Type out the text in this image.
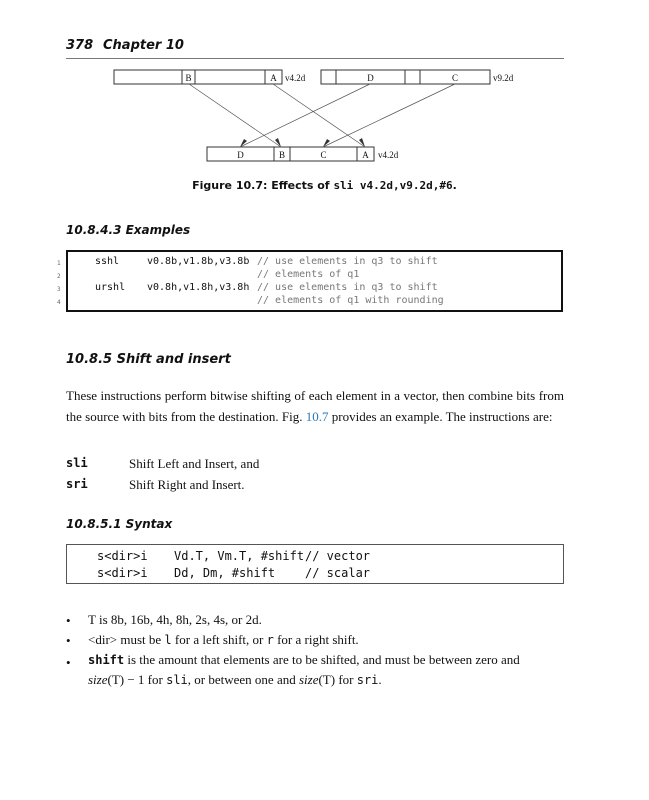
378 Chapter 10
B	A	D	C
D	B	C	A
v4.2d	v9.2d
v4.2d
Figure 10.7: Effects of sli v4.2d,v9.2d,#6.
10.8.4.3 Examples
1
2
3
4
sshl	v0.8b,v1.8b,v3.8b // use elements in q3 to shift
// elements of q1
urshl v0.8h,v1.8h,v3.8h // use elements in q3 to shift
// elements of q1 with rounding
10.8.5 Shift and insert
These instructions perform bitwise shifting of each element in a vector, then combine bits from the source with bits from the destination. Fig. 10.7 provides an example. The instructions are:
sli	Shift Left and Insert, and
sri	Shift Right and Insert.
10.8.5.1 Syntax
s<dir>i Vd.T, Vm.T, #shift // vector
s<dir>i Dd, Dm, #shift // scalar
• T is 8b, 16b, 4h, 8h, 2s, 4s, or 2d.
• <dir> must be l for a left shift, or r for a right shift.
• shift is the amount that elements are to be shifted, and must be between zero and size(T) − 1 for sli, or between one and size(T) for sri.
